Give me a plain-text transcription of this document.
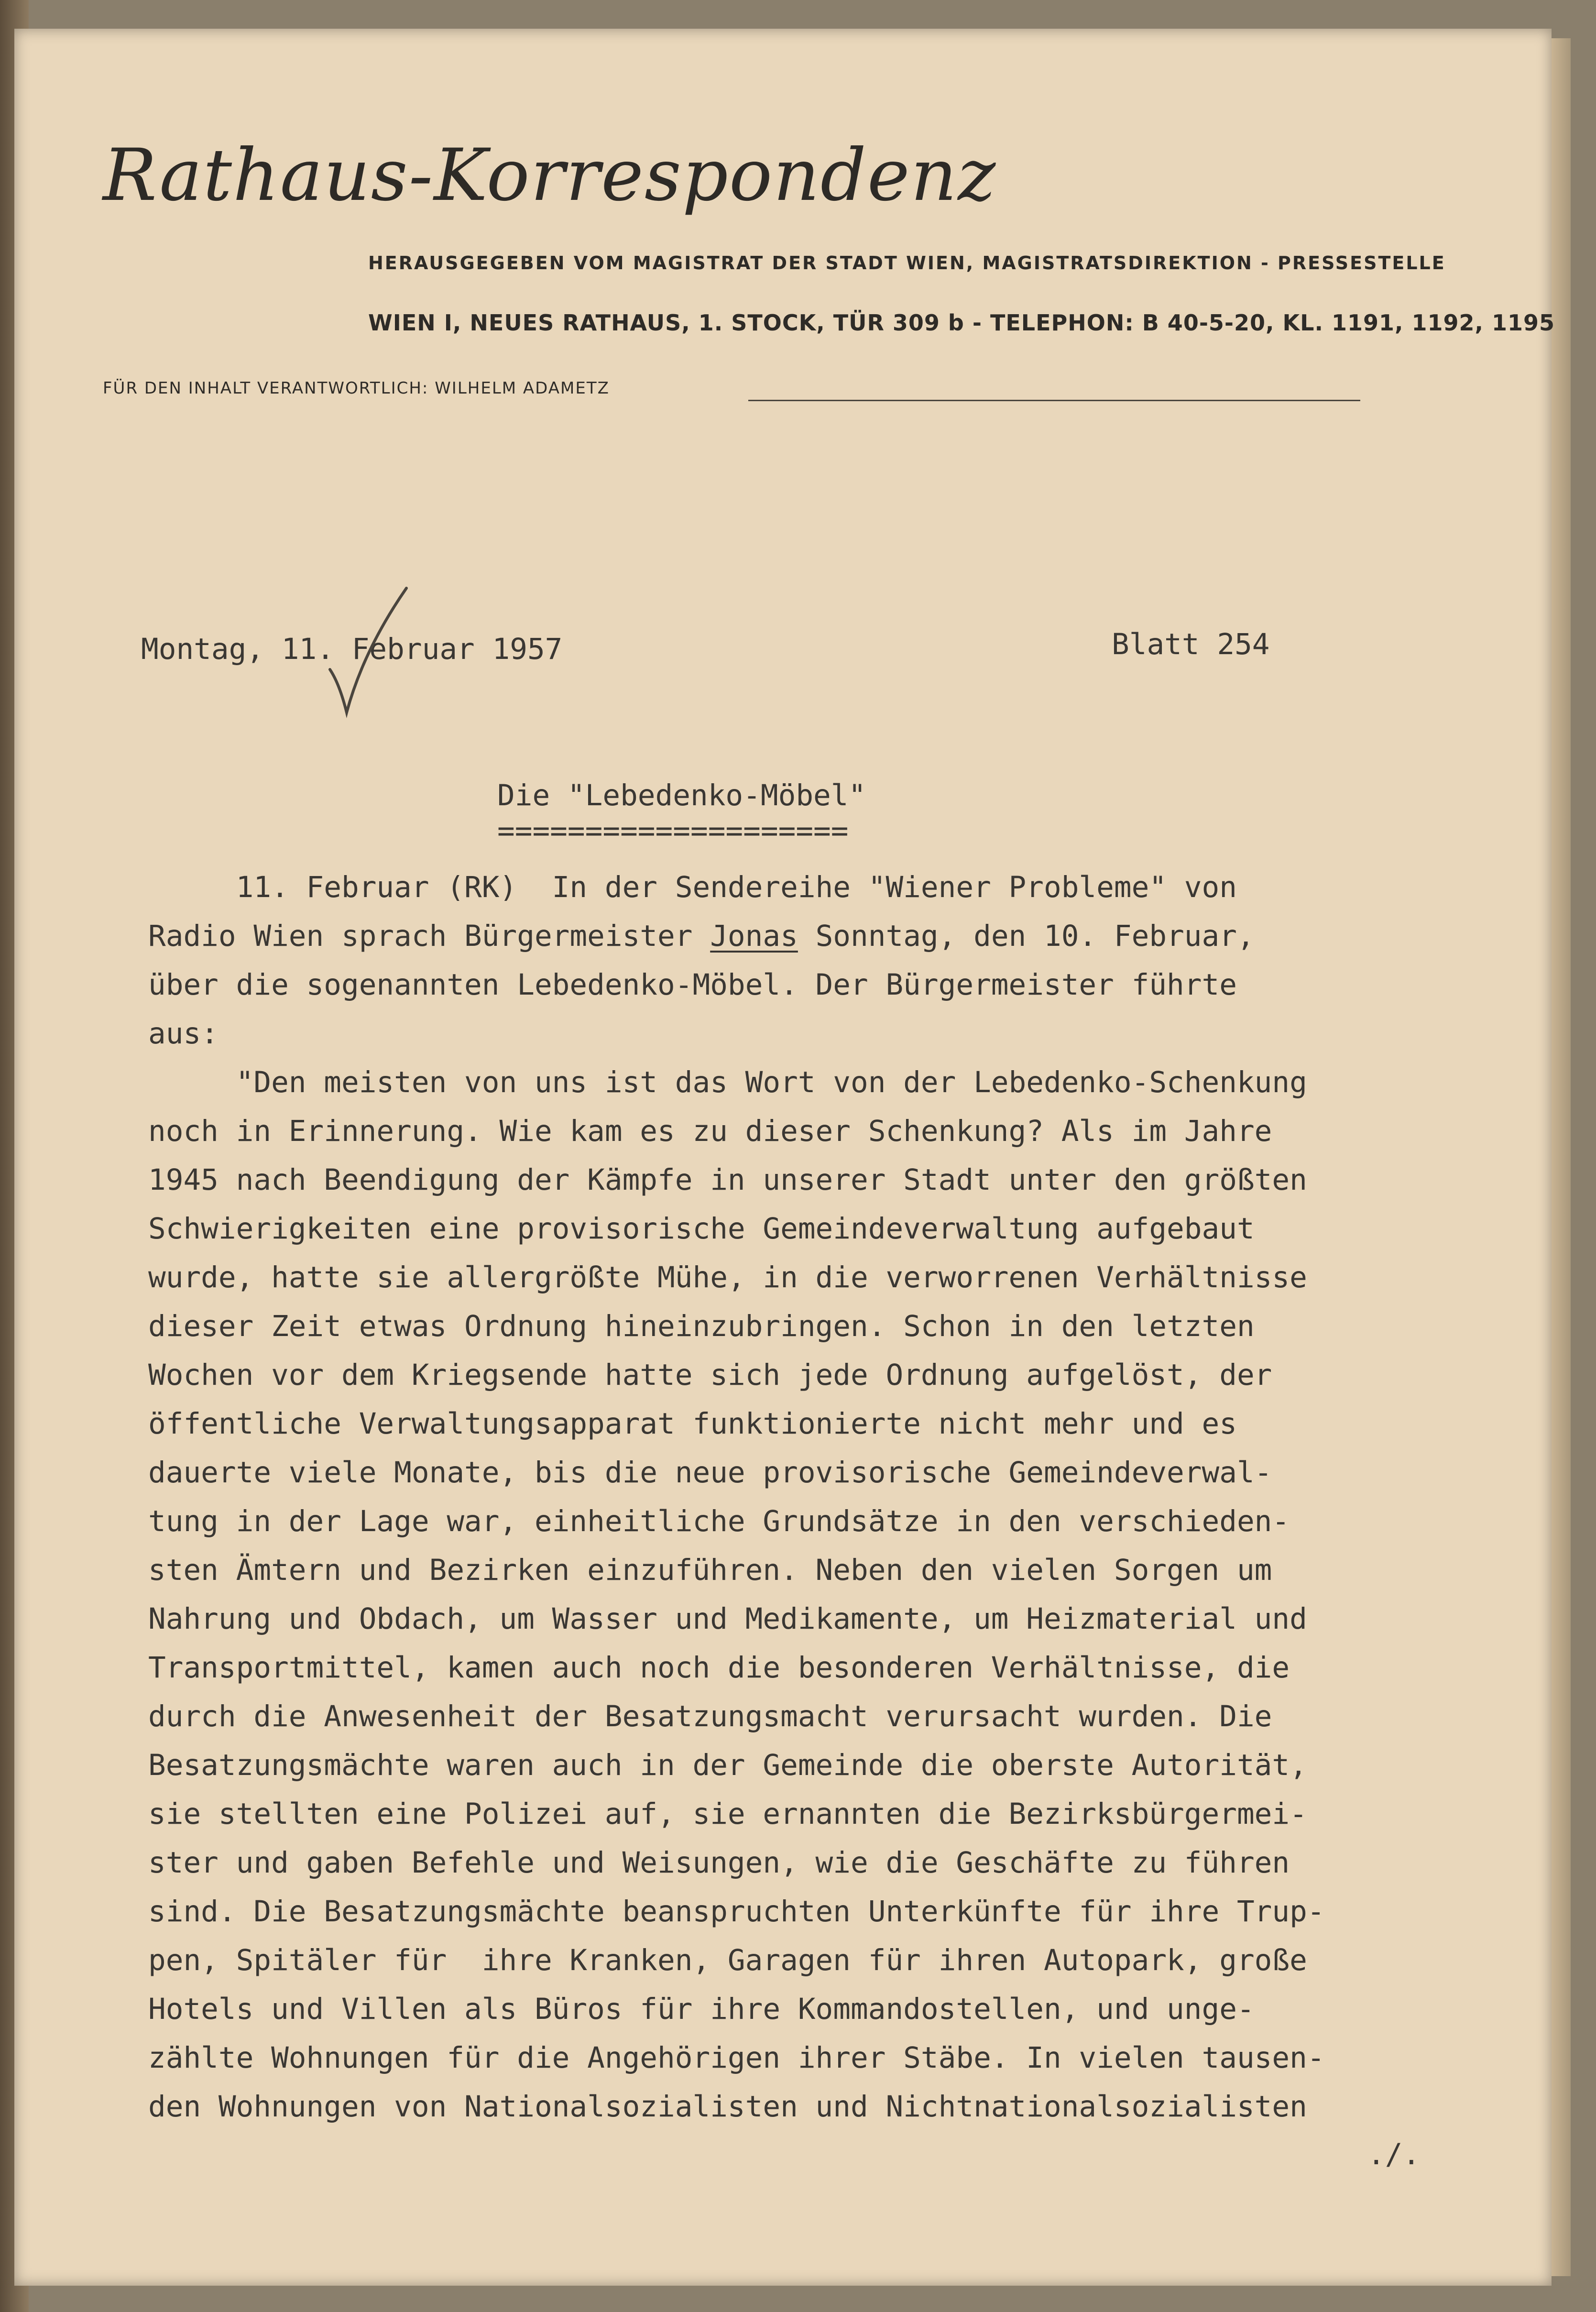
Rathaus-Korrespondenz
HERAUSGEGEBEN VOM MAGISTRAT DER STADT WIEN, MAGISTRATSDIREKTION - PRESSESTELLE
WIEN I, NEUES RATHAUS, 1. STOCK, TÜR 309 b - TELEPHON: B 40-5-20, KL. 1191, 1192, 1195
FÜR DEN INHALT VERANTWORTLICH: WILHELM ADAMETZ
Montag, 11. Februar 1957	Blatt 254
Die "Lebedenko-Möbel"
====================
11. Februar (RK)  In der Sendereihe "Wiener Probleme" von
Radio Wien sprach Bürgermeister Jonas Sonntag, den 10. Februar,
über die sogenannten Lebedenko-Möbel. Der Bürgermeister führte
aus:
"Den meisten von uns ist das Wort von der Lebedenko-Schenkung
noch in Erinnerung. Wie kam es zu dieser Schenkung? Als im Jahre
1945 nach Beendigung der Kämpfe in unserer Stadt unter den größten
Schwierigkeiten eine provisorische Gemeindeverwaltung aufgebaut
wurde, hatte sie allergrößte Mühe, in die verworrenen Verhältnisse
dieser Zeit etwas Ordnung hineinzubringen. Schon in den letzten
Wochen vor dem Kriegsende hatte sich jede Ordnung aufgelöst, der
öffentliche Verwaltungsapparat funktionierte nicht mehr und es
dauerte viele Monate, bis die neue provisorische Gemeindeverwal-
tung in der Lage war, einheitliche Grundsätze in den verschieden-
sten Ämtern und Bezirken einzuführen. Neben den vielen Sorgen um
Nahrung und Obdach, um Wasser und Medikamente, um Heizmaterial und
Transportmittel, kamen auch noch die besonderen Verhältnisse, die
durch die Anwesenheit der Besatzungsmacht verursacht wurden. Die
Besatzungsmächte waren auch in der Gemeinde die oberste Autorität,
sie stellten eine Polizei auf, sie ernannten die Bezirksbürgermei-
ster und gaben Befehle und Weisungen, wie die Geschäfte zu führen
sind. Die Besatzungsmächte beanspruchten Unterkünfte für ihre Trup-
pen, Spitäler für  ihre Kranken, Garagen für ihren Autopark, große
Hotels und Villen als Büros für ihre Kommandostellen, und unge-
zählte Wohnungen für die Angehörigen ihrer Stäbe. In vielen tausen-
den Wohnungen von Nationalsozialisten und Nichtnationalsozialisten
./.
